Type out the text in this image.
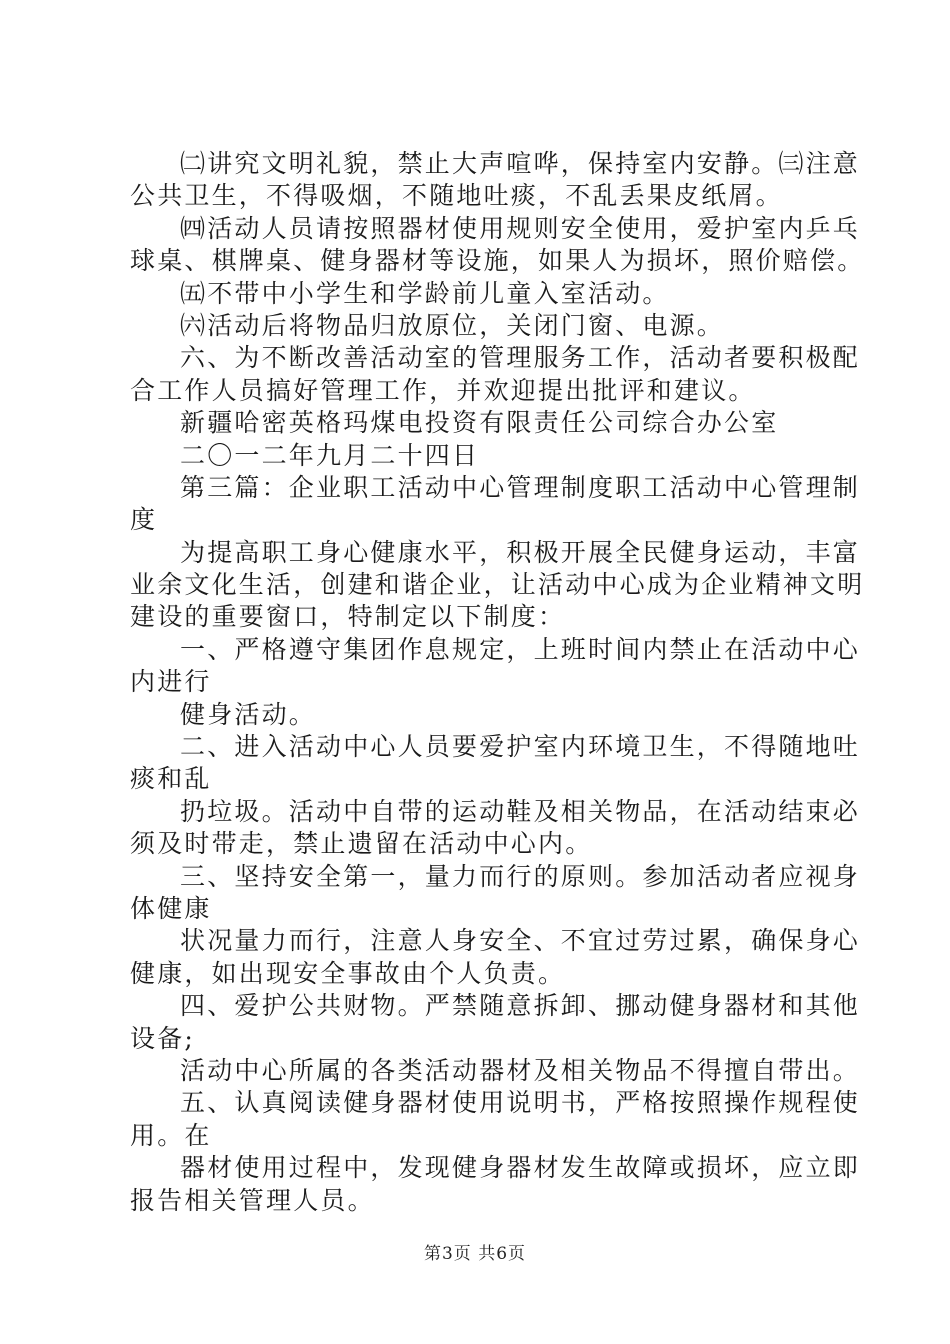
㈡讲究文明礼貌，禁止大声喧哗，保持室内安静。㈢注意
公共卫生，不得吸烟，不随地吐痰，不乱丢果皮纸屑。
㈣活动人员请按照器材使用规则安全使用，爱护室内乒乓
球桌、棋牌桌、健身器材等设施，如果人为损坏，照价赔偿。
㈤不带中小学生和学龄前儿童入室活动。
㈥活动后将物品归放原位，关闭门窗、电源。
六、为不断改善活动室的管理服务工作，活动者要积极配
合工作人员搞好管理工作，并欢迎提出批评和建议。
新疆哈密英格玛煤电投资有限责任公司综合办公室
二〇一二年九月二十四日
第三篇：企业职工活动中心管理制度职工活动中心管理制
度
为提高职工身心健康水平，积极开展全民健身运动，丰富
业余文化生活，创建和谐企业，让活动中心成为企业精神文明
建设的重要窗口，特制定以下制度：
一、严格遵守集团作息规定，上班时间内禁止在活动中心
内进行
健身活动。
二、进入活动中心人员要爱护室内环境卫生，不得随地吐
痰和乱
扔垃圾。活动中自带的运动鞋及相关物品，在活动结束必
须及时带走，禁止遗留在活动中心内。
三、坚持安全第一，量力而行的原则。参加活动者应视身
体健康
状况量力而行，注意人身安全、不宜过劳过累，确保身心
健康，如出现安全事故由个人负责。
四、爱护公共财物。严禁随意拆卸、挪动健身器材和其他
设备;
活动中心所属的各类活动器材及相关物品不得擅自带出。
五、认真阅读健身器材使用说明书，严格按照操作规程使
用。在
器材使用过程中，发现健身器材发生故障或损坏，应立即
报告相关管理人员。
第3页 共6页
